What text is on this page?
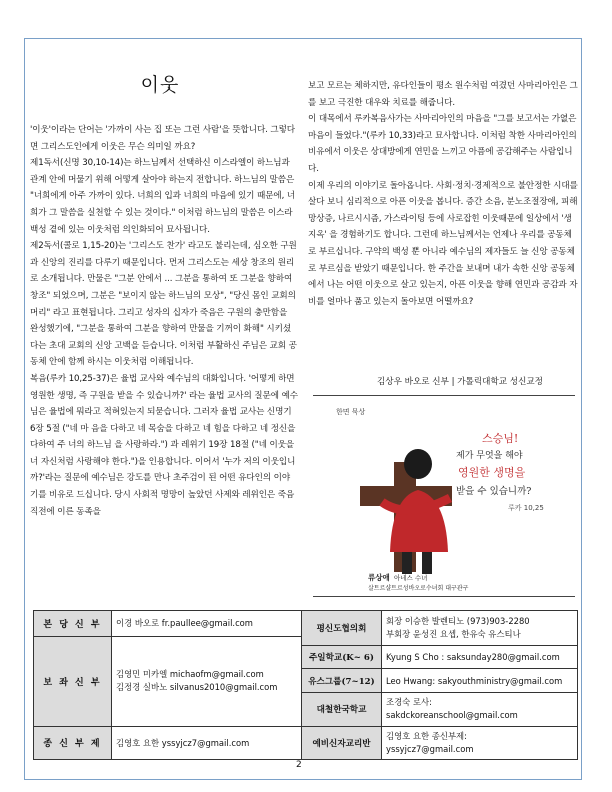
이웃

'이웃'이라는 단어는 '가까이 사는 집 또는 그런 사람'을 뜻합니다. 그렇다면 그리스도인에게 이웃은 무슨 의미일 까요?

제1독서(신명 30,10-14)는 하느님께서 선택하신 이스라엘이 하느님과 관계 안에 머물기 위해 어떻게 살아야 하는지 전합니다. 하느님의 말씀은 "너희에게 아주 가까이 있다. 너희의 입과 너희의 마음에 있기 때문에, 너희가 그 말씀을 실천할 수 있는 것이다." 이처럼 하느님의 말씀은 이스라 백성 곁에 있는 이웃처럼 의인화되어 묘사됩니다.

제2독서(콜로 1,15-20)는 '그리스도 찬가' 라고도 불리는데, 심오한 구원과 신앙의 진리를 다루기 때문입니다. 먼저 그리스도는 세상 창조의 원리로 소개됩니다. 만물은 "그분 안에서 ... 그분을 통하여 또 그분을 향하여 창조" 되었으며, 그분은 "보이지 않는 하느님의 모상", "당신 몸인 교회의 머리" 라고 표현됩니다. 그리고 성자의 십자가 죽음은 구원의 충만함을 완성했기에, "그분을 통하여 그분을 향하여 만물을 기꺼이 화해" 시키셨다는 초대 교회의 신앙 고백을 듣습니다. 이처럼 부활하신 주님은 교회 공동체 안에 함께 하시는 이웃처럼 이해됩니다.

복음(루카 10,25-37)은 율법 교사와 예수님의 대화입니다. '어떻게 하면 영원한 생명, 즉 구원을 받을 수 있습니까?' 라는 율법 교사의 질문에 예수님은 율법에 뭐라고 적혀있는지 되묻습니다. 그러자 율법 교사는 신명기 6장 5절 ("네 마 음을 다하고 네 목숨을 다하고 네 힘을 다하고 네 정신을 다하여 주 너의 하느님 을 사랑하라.") 과 레위기 19장 18절 ("네 이웃을 너 자신처럼 사랑해야 한다.")을 인용합니다. 이어서 '누가 저의 이웃입니까?'라는 질문에 예수님은 강도를 만나 초주검이 된 어떤 유다인의 이야기를 비유로 드십니다. 당시 사회적 명망이 높았던 사제와 레위인은 죽음 직전에 이른 동족을

보고 모르는 체하지만, 유다인들이 평소 원수처럼 여겼던 사마리아인은 그를 보고 극진한 대우와 치료를 해줍니다.

이 대목에서 루카복음사가는 사마리아인의 마음을 "그를 보고서는 가엾은 마음이 들었다."(루카 10,33)라고 묘사합니다. 이처럼 착한 사마리아인의 비유에서 이웃은 상대방에게 연민을 느끼고 아픔에 공감해주는 사람입니다.

이제 우리의 이야기로 돌아옵니다. 사회·정치·경제적으로 불안정한 시대를 살다 보니 심리적으로 아픈 이웃을 봅니다. 증간 소음, 분노조절장애, 피해망상증, 나르시시즘, 가스라이팅 등에 사로잡힌 이웃때문에 일상에서 '생지옥' 을 경험하기도 합니다. 그런데 하느님께서는 언제나 우리를 공동체로 부르십니다. 구약의 백성 뿐 아니라 예수님의 제자들도 늘 신앙 공동체로 부르심을 받았기 때문입니다. 한 주간을 보내며 내가 속한 신앙 공동체에서 나는 어떤 이웃으로 살고 있는지, 아픈 이웃을 향해 연민과 공감과 자비를 얼마나 품고 있는지 돌아보면 어떨까요?

김상우 바오로 신부 | 가톨릭대학교 성신교정
한면 묵상
스승님!
제가 무엇을 해야
영원한 생명을
받을 수 있습니까?
루카 10,25
류상애 아네스 수녀
살트르샬트르성바오로수녀회 대구관구
본 당 신 부	이경 바오로 fr.paullee@gmail.com	평신도협의회	회장 이승한 발렌티노 (973)903-2280
부회장 윤성진 요셉, 한유숙 유스티나

보 좌 신 부	김영민 미카엘 michaofm@gmail.com
김정경 실바노 silvanus2010@gmail.com		

		주일학교(K~ 6)	Kyung S Cho : saksunday280@gmail.com
		유스그룹(7~12)	Leo Hwang: sakyouthministry@gmail.com
		대철한국학교	조경숙 로사:
sakdckoreanschool@gmail.com

종 신 부 제	김영호 요한 yssyjcz7@gmail.com	예비신자교리반	김영호 요한 종신부제:
yssyjcz7@gmail.com
2
